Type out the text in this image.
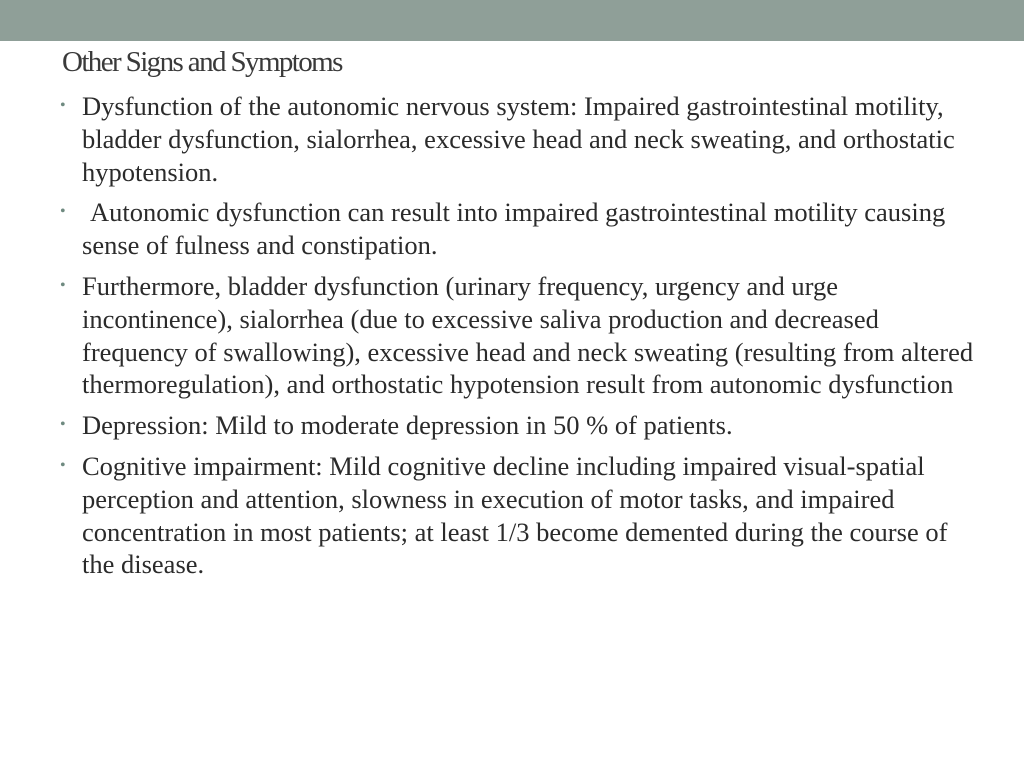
Other Signs and Symptoms
• Dysfunction of the autonomic nervous system: Impaired gastrointestinal motility, bladder dysfunction, sialorrhea, excessive head and neck sweating, and orthostatic hypotension.
• Autonomic dysfunction can result into impaired gastrointestinal motility causing sense of fulness and constipation.
• Furthermore, bladder dysfunction (urinary frequency, urgency and urge incontinence), sialorrhea (due to excessive saliva production and decreased frequency of swallowing), excessive head and neck sweating (resulting from altered thermoregulation), and orthostatic hypotension result from autonomic dysfunction
• Depression: Mild to moderate depression in 50 % of patients.
• Cognitive impairment: Mild cognitive decline including impaired visual-spatial perception and attention, slowness in execution of motor tasks, and impaired concentration in most patients; at least 1/3 become demented during the course of the disease.
